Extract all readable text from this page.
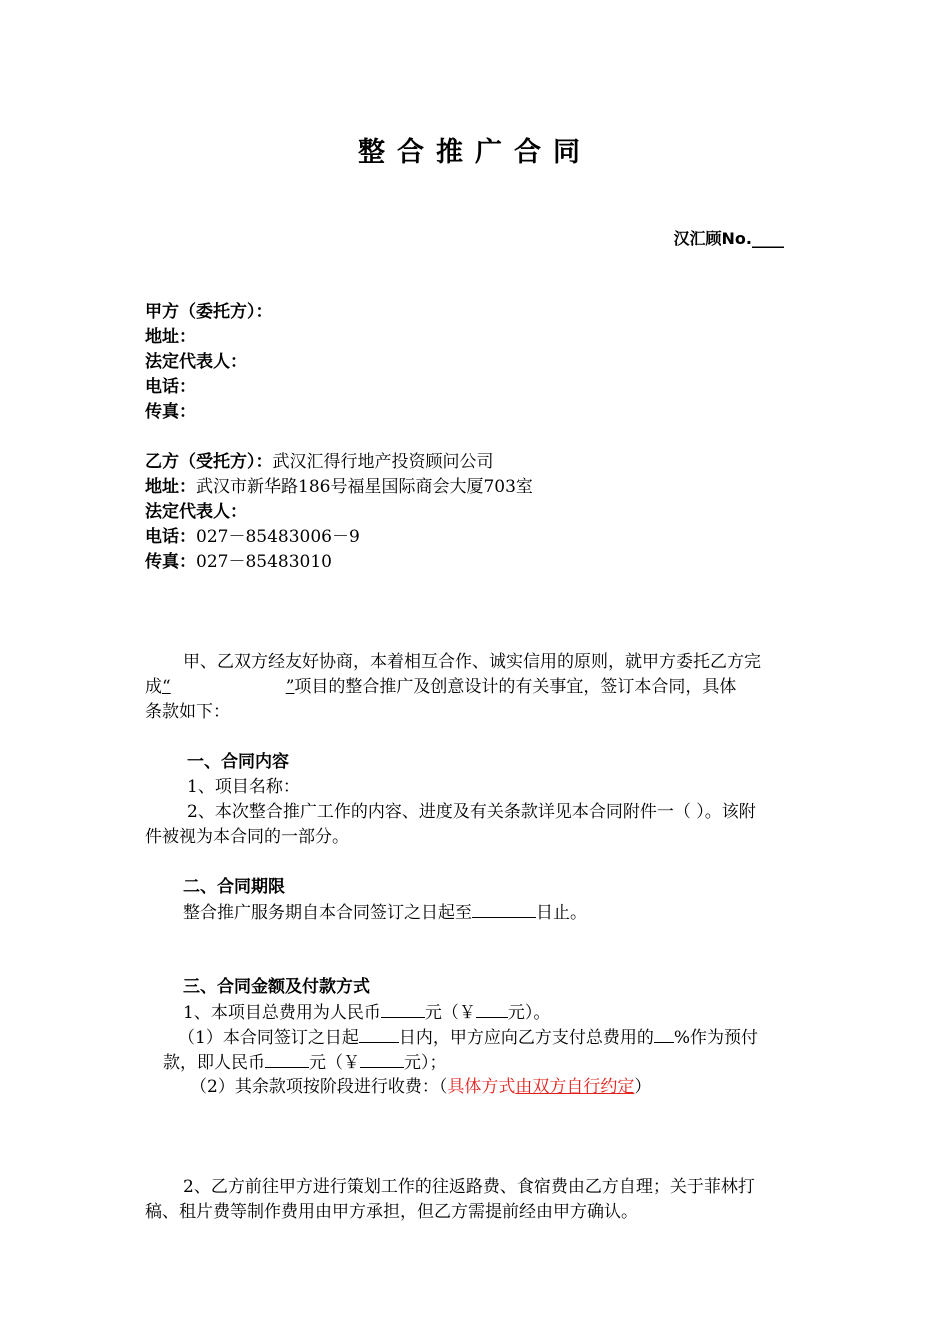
整合推广合同
汉汇顾No.____
甲方（委托方）：
地址：
法定代表人：
电话：
传真：
乙方（受托方）：武汉汇得行地产投资顾问公司
地址：武汉市新华路186号福星国际商会大厦703室
法定代表人：
电话：027－85483006－9
传真：027－85483010
甲、乙双方经友好协商，本着相互合作、诚实信用的原则，就甲方委托乙方完
成“	”项目的整合推广及创意设计的有关事宜，签订本合同，具体
条款如下：
一、合同内容
1、项目名称：
2、本次整合推广工作的内容、进度及有关条款详见本合同附件一（ ）。该附
件被视为本合同的一部分。
二、合同期限
整合推广服务期自本合同签订之日起至	日止。
三、合同金额及付款方式
1、本项目总费用为人民币	元（￥ 元）。
（1）本合同签订之日起 日内，甲方应向乙方支付总费用的 %作为预付
款，即人民币	元（￥	元）；
（2）其余款项按阶段进行收费：（具体方式由双方自行约定）
2、乙方前往甲方进行策划工作的往返路费、食宿费由乙方自理；关于菲林打
稿、租片费等制作费用由甲方承担，但乙方需提前经由甲方确认。
